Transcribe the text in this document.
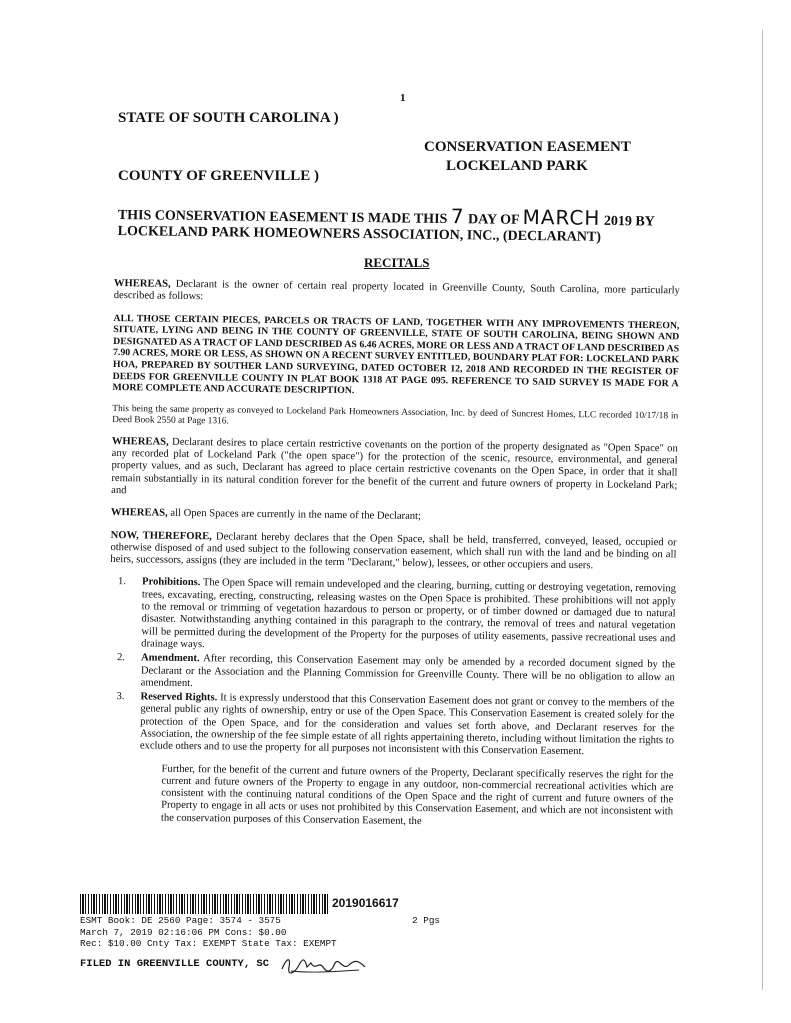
1
STATE OF SOUTH CAROLINA )
COUNTY OF GREENVILLE )
CONSERVATION EASEMENT
LOCKELAND PARK
THIS CONSERVATION EASEMENT IS MADE THIS 7 DAY OF MARCH 2019 BY LOCKELAND PARK HOMEOWNERS ASSOCIATION, INC., (DECLARANT)
RECITALS

WHEREAS, Declarant is the owner of certain real property located in Greenville County, South Carolina, more particularly described as follows:

ALL THOSE CERTAIN PIECES, PARCELS OR TRACTS OF LAND, TOGETHER WITH ANY IMPROVEMENTS THEREON, SITUATE, LYING AND BEING IN THE COUNTY OF GREENVILLE, STATE OF SOUTH CAROLINA, BEING SHOWN AND DESIGNATED AS A TRACT OF LAND DESCRIBED AS 6.46 ACRES, MORE OR LESS AND A TRACT OF LAND DESCRIBED AS 7.90 ACRES, MORE OR LESS, AS SHOWN ON A RECENT SURVEY ENTITLED, BOUNDARY PLAT FOR: LOCKELAND PARK HOA, PREPARED BY SOUTHER LAND SURVEYING, DATED OCTOBER 12, 2018 AND RECORDED IN THE REGISTER OF DEEDS FOR GREENVILLE COUNTY IN PLAT BOOK 1318 AT PAGE 095. REFERENCE TO SAID SURVEY IS MADE FOR A MORE COMPLETE AND ACCURATE DESCRIPTION.

This being the same property as conveyed to Lockeland Park Homeowners Association, Inc. by deed of Suncrest Homes, LLC recorded 10/17/18 in Deed Book 2550 at Page 1316.

WHEREAS, Declarant desires to place certain restrictive covenants on the portion of the property designated as "Open Space" on any recorded plat of Lockeland Park ("the open space") for the protection of the scenic, resource, environmental, and general property values, and as such, Declarant has agreed to place certain restrictive covenants on the Open Space, in order that it shall remain substantially in its natural condition forever for the benefit of the current and future owners of property in Lockeland Park; and

WHEREAS, all Open Spaces are currently in the name of the Declarant;

NOW, THEREFORE, Declarant hereby declares that the Open Space, shall be held, transferred, conveyed, leased, occupied or otherwise disposed of and used subject to the following conservation easement, which shall run with the land and be binding on all heirs, successors, assigns (they are included in the term "Declarant," below), lessees, or other occupiers and users.

1. Prohibitions. The Open Space will remain undeveloped and the clearing, burning, cutting or destroying vegetation, removing trees, excavating, erecting, constructing, releasing wastes on the Open Space is prohibited. These prohibitions will not apply to the removal or trimming of vegetation hazardous to person or property, or of timber downed or damaged due to natural disaster. Notwithstanding anything contained in this paragraph to the contrary, the removal of trees and natural vegetation will be permitted during the development of the Property for the purposes of utility easements, passive recreational uses and drainage ways.
2. Amendment. After recording, this Conservation Easement may only be amended by a recorded document signed by the Declarant or the Association and the Planning Commission for Greenville County. There will be no obligation to allow an amendment.
3. Reserved Rights. It is expressly understood that this Conservation Easement does not grant or convey to the members of the general public any rights of ownership, entry or use of the Open Space. This Conservation Easement is created solely for the protection of the Open Space, and for the consideration and values set forth above, and Declarant reserves for the Association, the ownership of the fee simple estate of all rights appertaining thereto, including without limitation the rights to exclude others and to use the property for all purposes not inconsistent with this Conservation Easement.

Further, for the benefit of the current and future owners of the Property, Declarant specifically reserves the right for the current and future owners of the Property to engage in any outdoor, non-commercial recreational activities which are consistent with the continuing natural conditions of the Open Space and the right of current and future owners of the Property to engage in all acts or uses not prohibited by this Conservation Easement, and which are not inconsistent with the conservation purposes of this Conservation Easement, the

2019016617
ESMT Book: DE 2560 Page: 3574 - 3575	2 Pgs
March 7, 2019 02:16:06 PM Cons: $0.00
Rec: $10.00 Cnty Tax: EXEMPT State Tax: EXEMPT
FILED IN GREENVILLE COUNTY, SC
